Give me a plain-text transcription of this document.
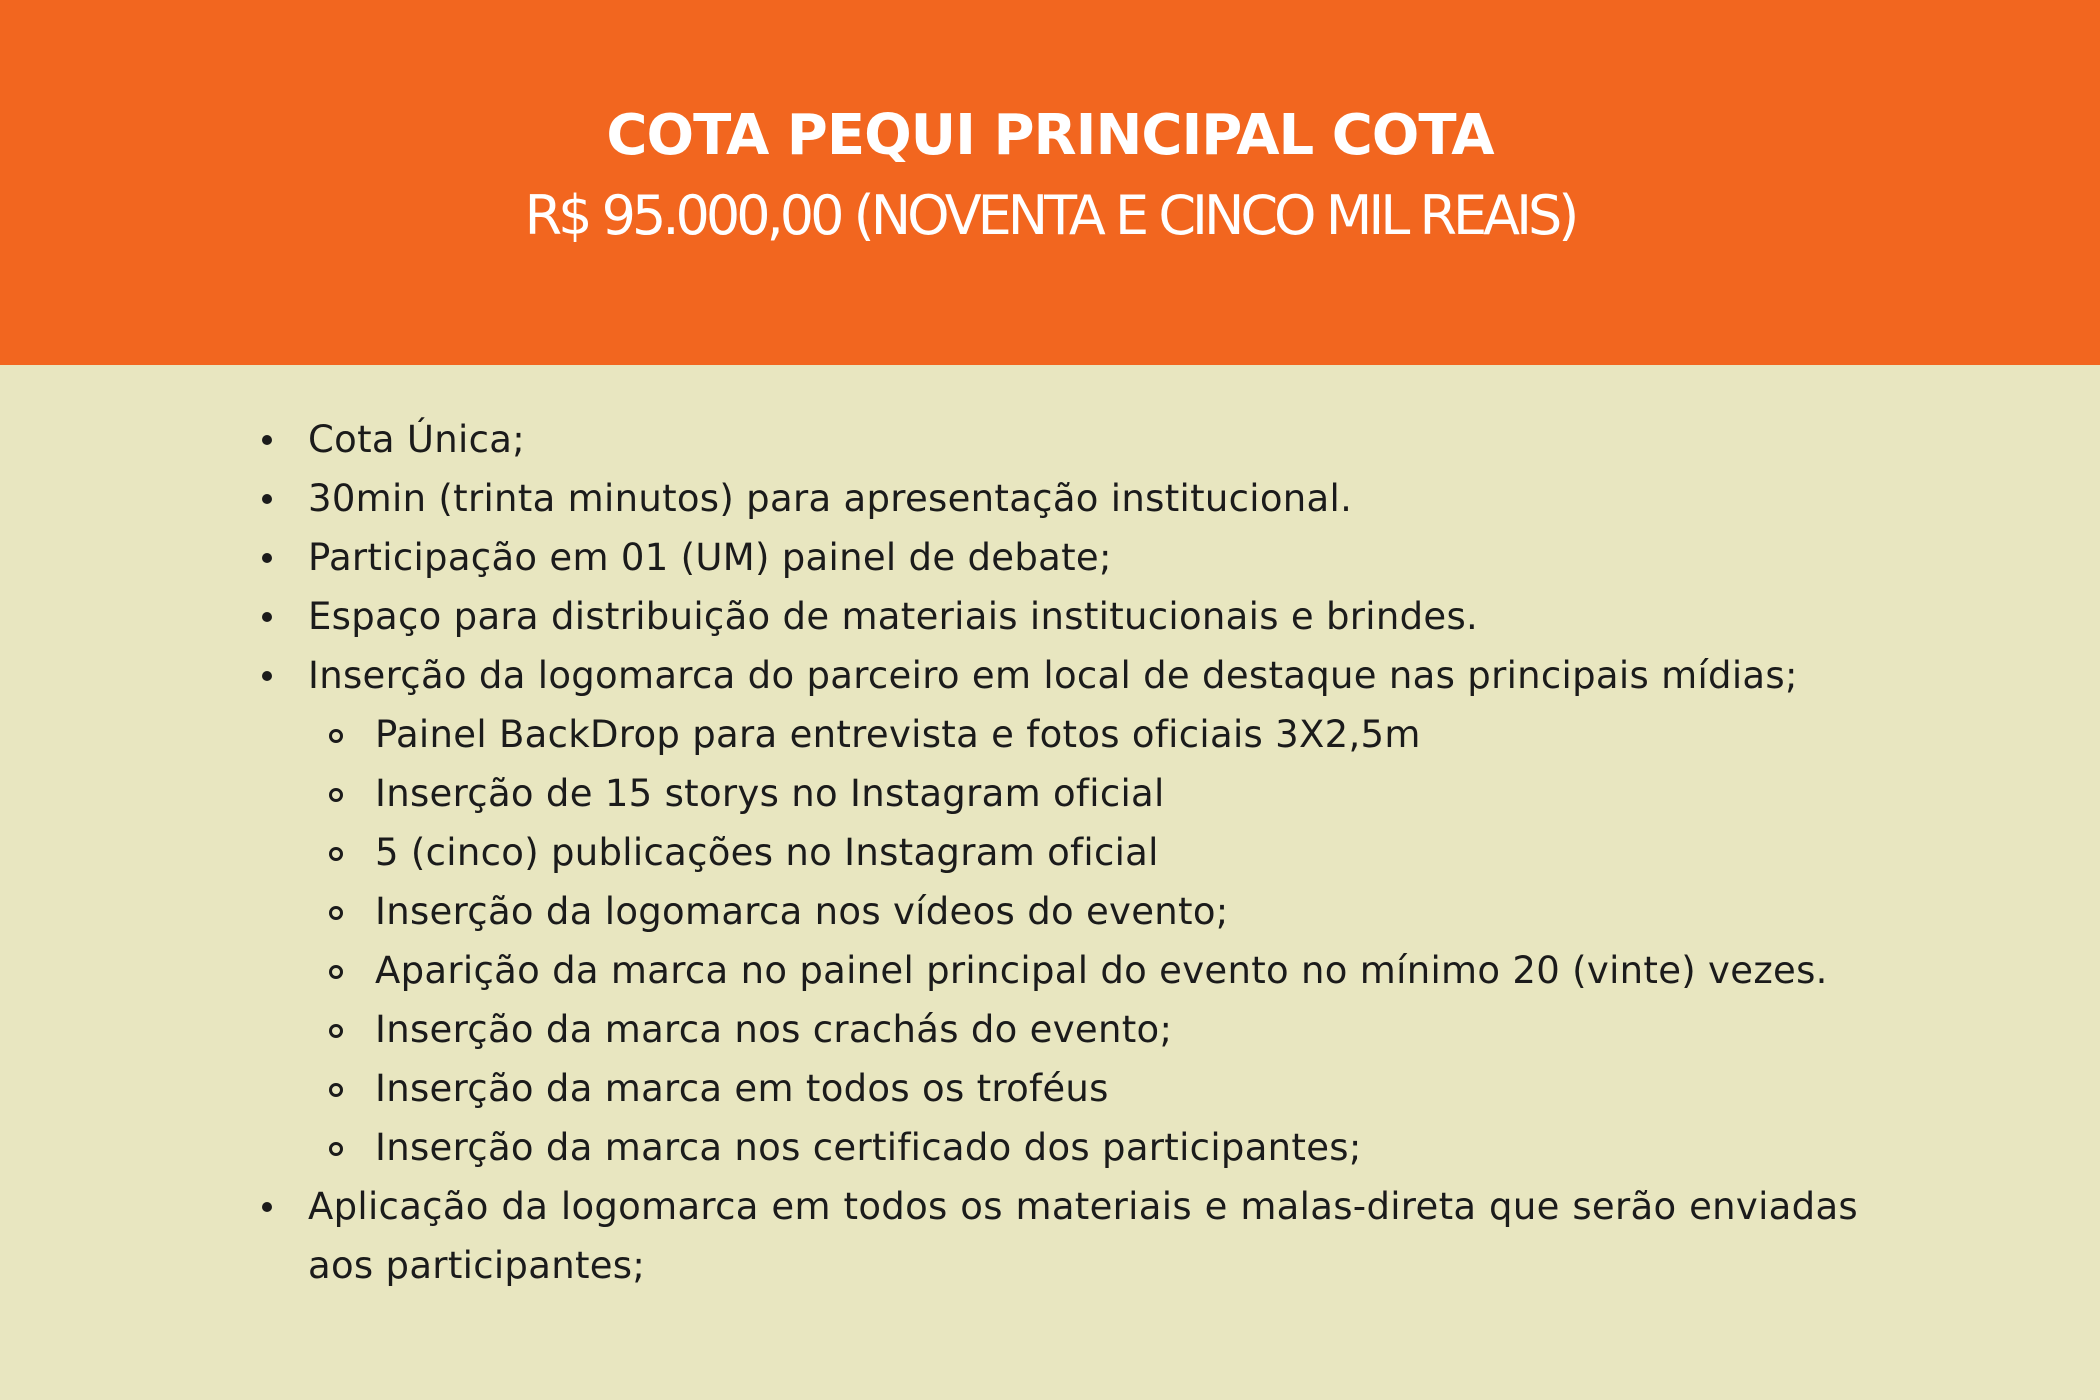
COTA PEQUI PRINCIPAL COTA
R$ 95.000,00 (NOVENTA E CINCO MIL REAIS)
Cota Única;
30min (trinta minutos) para apresentação institucional.
Participação em 01 (UM) painel de debate;
Espaço para distribuição de materiais institucionais e brindes.
Inserção da logomarca do parceiro em local de destaque nas principais mídias;
Painel BackDrop para entrevista e fotos oficiais 3X2,5m
Inserção de 15 storys no Instagram oficial
5 (cinco) publicações no Instagram oficial
Inserção da logomarca nos vídeos do evento;
Aparição da marca no painel principal do evento no mínimo 20 (vinte) vezes.
Inserção da marca nos crachás do evento;
Inserção da marca em todos os troféus
Inserção da marca nos certificado dos participantes;
Aplicação da logomarca em todos os materiais e malas-direta que serão enviadas aos participantes;
